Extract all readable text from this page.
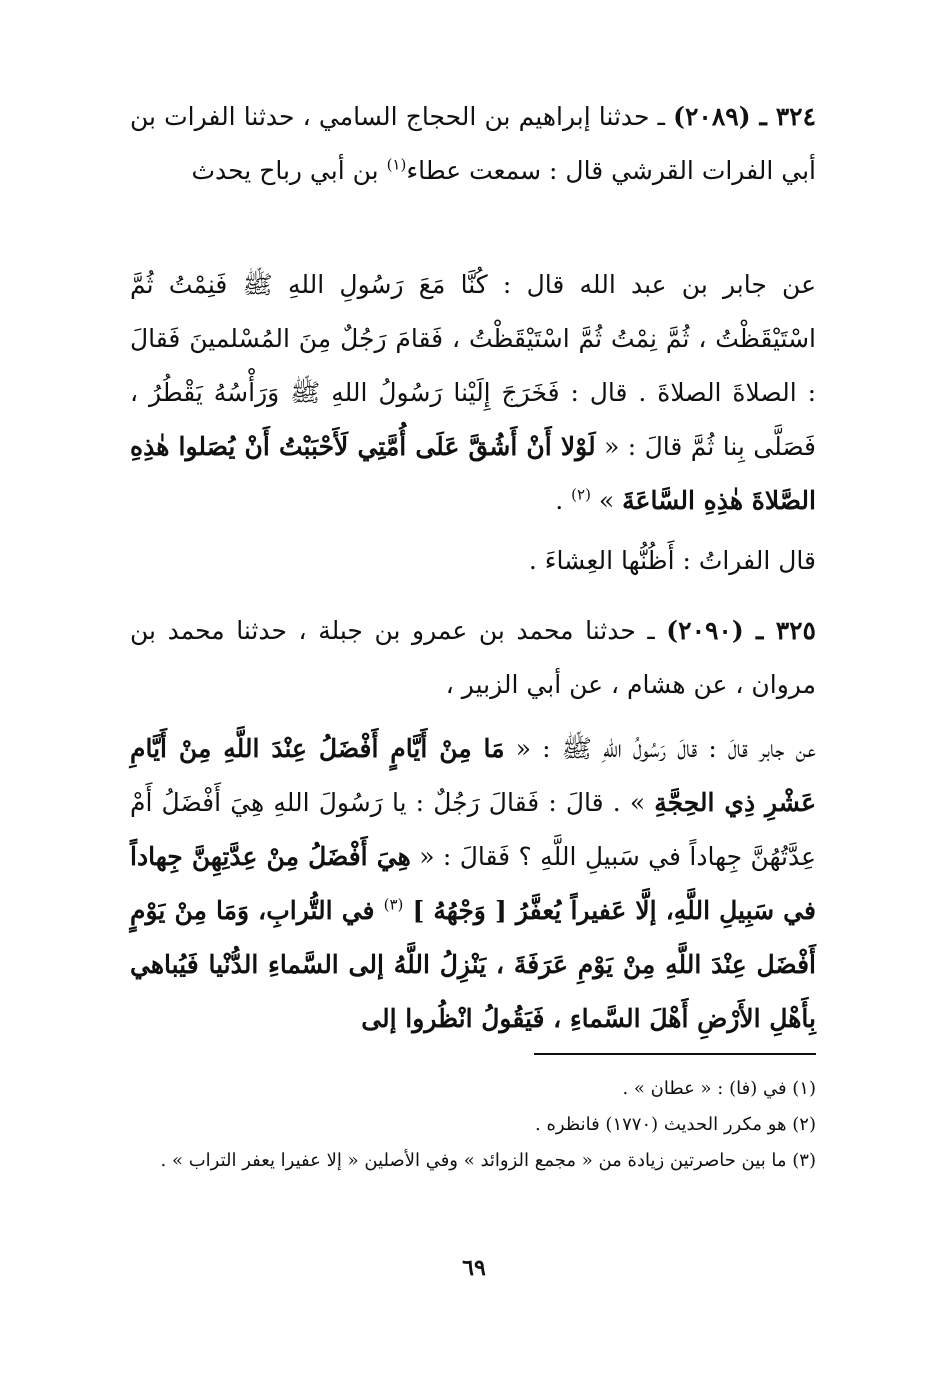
٣٢٤ ـ (٢٠٨٩) ـ حدثنا إبراهيم بن الحجاج السامي ، حدثنا الفرات بن أبي الفرات القرشي قال : سمعت عطاء$^{(١)}$ بن أبي رباح يحدث

عن جابر بن عبد الله قال : كُنَّا مَعَ رَسُولِ اللهِ ﷺ فَنِمْتُ ثُمَّ اسْتَيْقَظْتُ ، ثُمَّ نِمْتُ ثُمَّ اسْتَيْقَظْتُ ، فَقامَ رَجُلٌ مِنَ المُسْلمينَ فَقالَ : الصلاةَ الصلاةَ . قال : فَخَرَجَ إِلَيْنا رَسُولُ اللهِ ﷺ وَرَأْسُهُ يَقْطُرُ ، فَصَلَّى بِنا ثُمَّ قالَ : « لَوْلا أَنْ أَشُقَّ عَلَى أُمَّتِي لَأَحْبَبْتُ أَنْ يُصَلوا هٰذِهِ الصَّلاةَ هٰذِهِ السَّاعَةَ » $^{(٢)}$ .

قال الفراتُ : أَظُنُّها العِشاءَ .

٣٢٥ ـ (٢٠٩٠) ـ حدثنا محمد بن عمرو بن جبلة ، حدثنا محمد بن مروان ، عن هشام ، عن أبي الزبير ،

عن جابر قالَ : قالَ رَسُولُ اللهِ ﷺ : « مَا مِنْ أَيَّامٍ أَفْضَلُ عِنْدَ اللَّهِ مِنْ أَيَّامِ عَشْرِ ذِي الحِجَّةِ » . قالَ : فَقالَ رَجُلٌ : يا رَسُولَ اللهِ هِيَ أَفْضَلُ أَمْ عِدَّتُهُنَّ جِهاداً في سَبيلِ اللَّهِ ؟ فَقالَ : « هِيَ أَفْضَلُ مِنْ عِدَّتِهِنَّ جِهاداً في سَبِيلِ اللَّهِ، إلَّا عَفيراً يُعفَّرُ [ وَجْهُهُ ] $^{(٣)}$ في التُّرابِ، وَمَا مِنْ يَوْمٍ أَفْضَل عِنْدَ اللَّهِ مِنْ يَوْمِ عَرَفَةَ ، يَنْزِلُ اللَّهُ إلى السَّماءِ الدُّنْيا فَيُباهي بِأَهْلِ الأَرْضِ أَهْلَ السَّماءِ ، فَيَقُولُ انْظُروا إلى

(١) في (فا) : « عطان » .

(٢) هو مكرر الحديث (١٧٧٠) فانظره .

(٣) ما بين حاصرتين زيادة من « مجمع الزوائد » وفي الأصلين « إلا عفيرا يعفر التراب » .

٦٩
